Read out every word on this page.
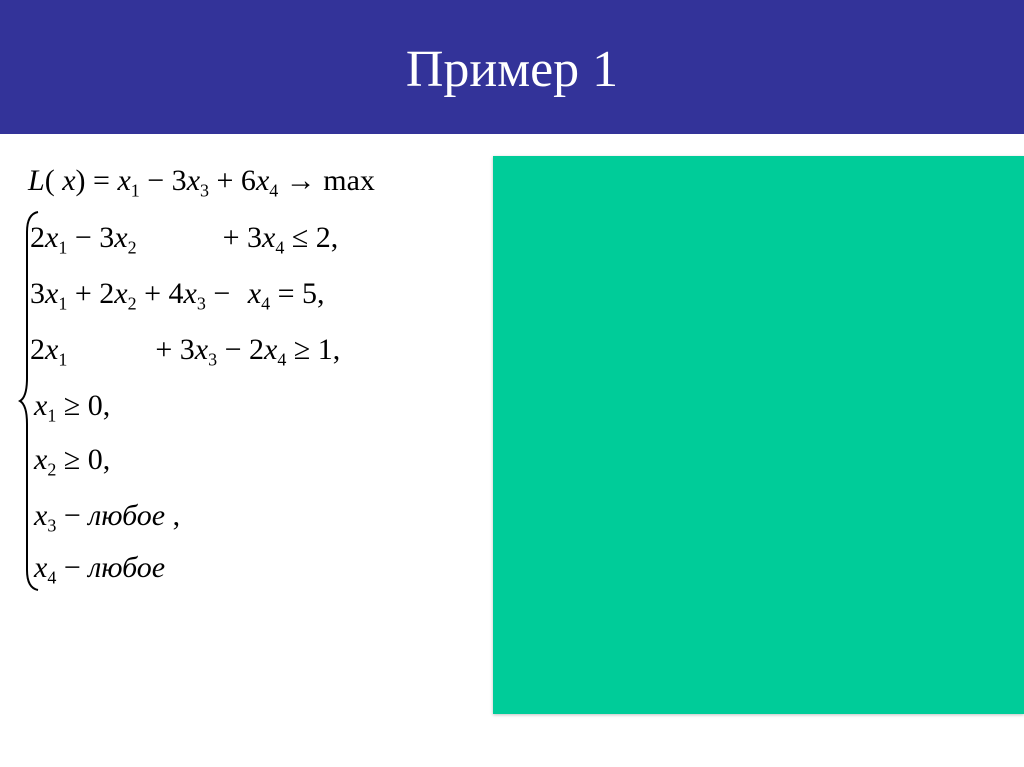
Пример 1
L( $x) = x_1 - 3x_3 + 6x_4 \to \max$
$2x_1 - 3x_2$	+ $3x_4 \le 2$,
$3x_1 + 2x_2 + 4x_3 - x_4 = 5$,
$2x_1$	+ $3x_3 - 2x_4 \ge 1$,
$x_1 \ge 0$,
$x_2 \ge 0$,
$x_3$ − любое ,
$x_4$ − любое
